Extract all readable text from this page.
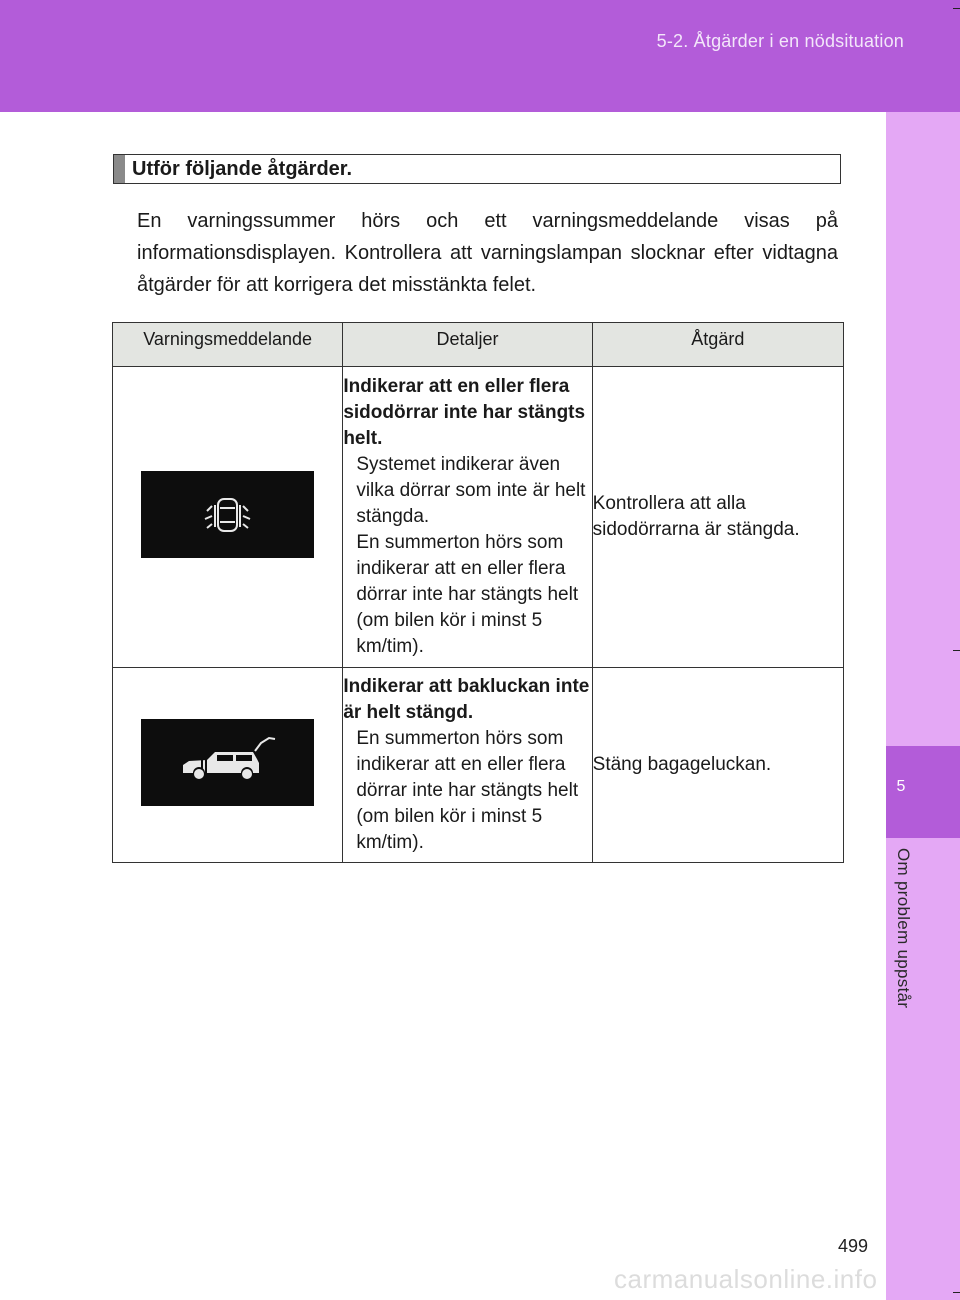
5-2. Åtgärder i en nödsituation
5
Om problem uppstår
Utför följande åtgärder.
En varningssummer hörs och ett varningsmeddelande visas på informationsdisplayen. Kontrollera att varningslampan slocknar efter vidtagna åtgärder för att korrigera det misstänkta felet.
Varningsmeddelande	Detaljer	Åtgärd

Indikerar att en eller flera sidodörrar inte har stängts helt.
Systemet indikerar även vilka dörrar som inte är helt stängda.
En summerton hörs som indikerar att en eller flera dörrar inte har stängts helt (om bilen kör i minst 5 km/tim).	Kontrollera att alla sidodörrarna är stängda.

Indikerar att bakluckan inte är helt stängd.
En summerton hörs som indikerar att en eller flera dörrar inte har stängts helt (om bilen kör i minst 5 km/tim).	Stäng bagageluckan.
499
carmanualsonline.info
